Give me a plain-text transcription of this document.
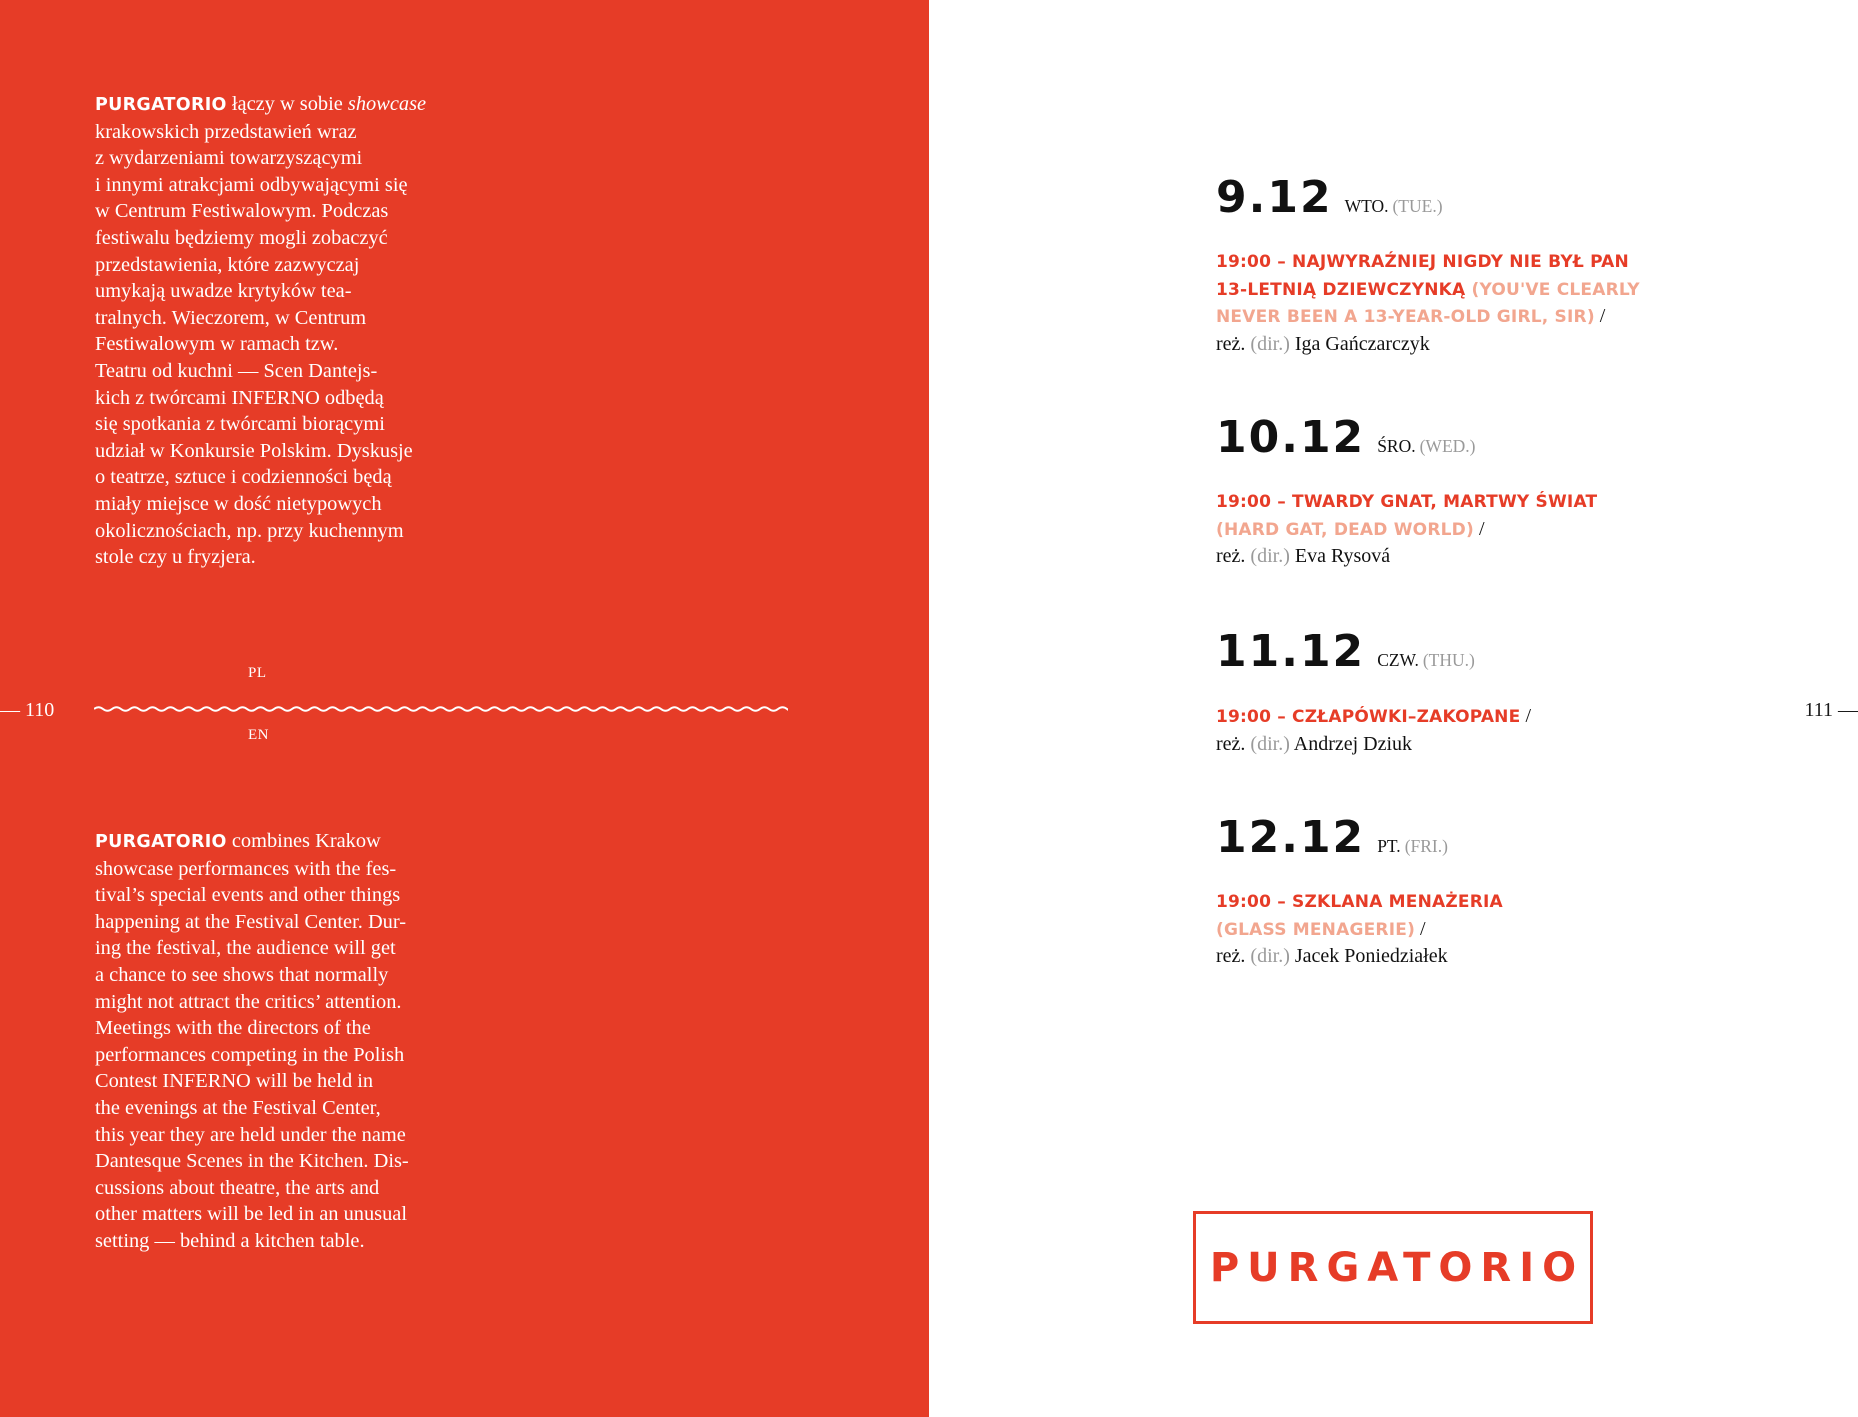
PURGATORIO łączy w sobie showcase
krakowskich przedstawień wraz
z wydarzeniami towarzyszącymi
i innymi atrakcjami odbywającymi się
w Centrum Festiwalowym. Podczas
festiwalu będziemy mogli zobaczyć
przedstawienia, które zazwyczaj
umykają uwadze krytyków tea-
tralnych. Wieczorem, w Centrum
Festiwalowym w ramach tzw.
Teatru od kuchni — Scen Dantejs-
kich z twórcami INFERNO odbędą
się spotkania z twórcami biorącymi
udział w Konkursie Polskim. Dyskusje
o teatrze, sztuce i codzienności będą
miały miejsce w dość nietypowych
okolicznościach, np. przy kuchennym
stole czy u fryzjera.
PL
EN
— 110
PURGATORIO combines Krakow
showcase performances with the fes-
tival’s special events and other things
happening at the Festival Center. Dur-
ing the festival, the audience will get
a chance to see shows that normally
might not attract the critics’ attention.
Meetings with the directors of the
performances competing in the Polish
Contest INFERNO will be held in
the evenings at the Festival Center,
this year they are held under the name
Dantesque Scenes in the Kitchen. Dis-
cussions about theatre, the arts and
other matters will be led in an unusual
setting — behind a kitchen table.
111 —
9.12 WTO. (TUE.)
19:00 – NAJWYRAŹNIEJ NIGDY NIE BYŁ PAN
13-LETNIĄ DZIEWCZYNKĄ (YOU'VE CLEARLY
NEVER BEEN A 13-YEAR-OLD GIRL, SIR) /
reż. (dir.) Iga Gańczarczyk
10.12 ŚRO. (WED.)
19:00 – TWARDY GNAT, MARTWY ŚWIAT
(HARD GAT, DEAD WORLD) /
reż. (dir.) Eva Rysová
11.12 CZW. (THU.)
19:00 – CZŁAPÓWKI–ZAKOPANE /
reż. (dir.) Andrzej Dziuk
12.12 PT. (FRI.)
19:00 – SZKLANA MENAŻERIA
(GLASS MENAGERIE) /
reż. (dir.) Jacek Poniedziałek
PURGATORIO
